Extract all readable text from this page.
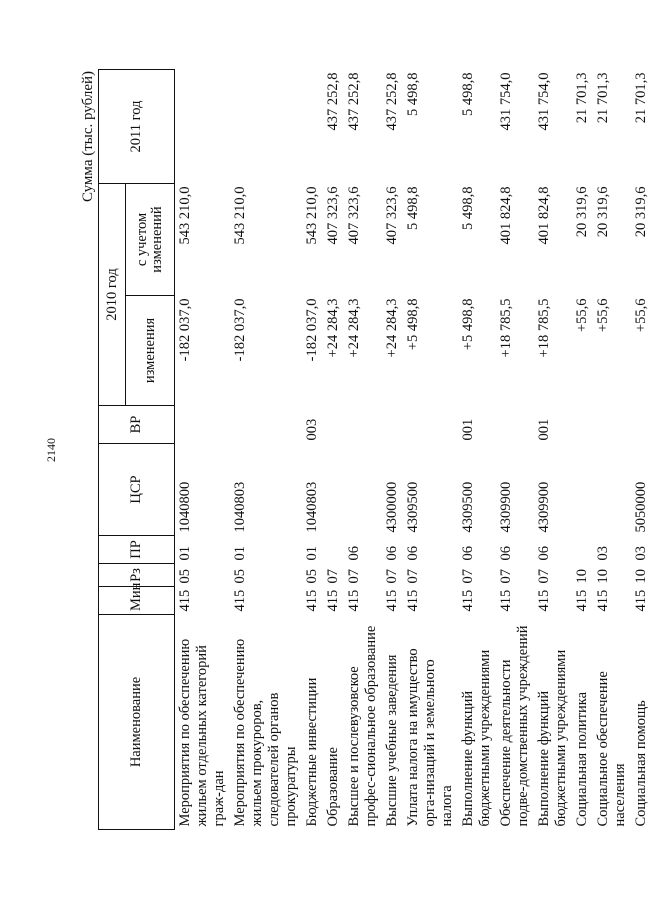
2140
Сумма (тыс. рублей)
Наименование	Мин	Рз	ПР	ЦСР	ВР	2010 год		2011 год
						изменения	с учетом изменений	
Мероприятия по обеспечению жильем отдельных категорий граж-дан	415	05	01	1040800		-182 037,0	543 210,0	
Мероприятия по обеспечению жильем прокуроров, следователей органов прокуратуры	415	05	01	1040803		-182 037,0	543 210,0	
Бюджетные инвестиции	415	05	01	1040803	003	-182 037,0	543 210,0	
Образование	415	07				+24 284,3	407 323,6	437 252,8
Высшее и послевузовское профес-сиональное образование	415	07	06			+24 284,3	407 323,6	437 252,8
Высшие учебные заведения	415	07	06	4300000		+24 284,3	407 323,6	437 252,8
Уплата налога на имущество орга-низаций и земельного налога	415	07	06	4309500		+5 498,8	5 498,8	5 498,8
Выполнение функций бюджетными учреждениями	415	07	06	4309500	001	+5 498,8	5 498,8	5 498,8
Обеспечение деятельности подве-домственных учреждений	415	07	06	4309900		+18 785,5	401 824,8	431 754,0
Выполнение функций бюджетными учреждениями	415	07	06	4309900	001	+18 785,5	401 824,8	431 754,0
Социальная политика	415	10				+55,6	20 319,6	21 701,3
Социальное обеспечение населения	415	10	03			+55,6	20 319,6	21 701,3
Социальная помощь	415	10	03	5050000		+55,6	20 319,6	21 701,3
